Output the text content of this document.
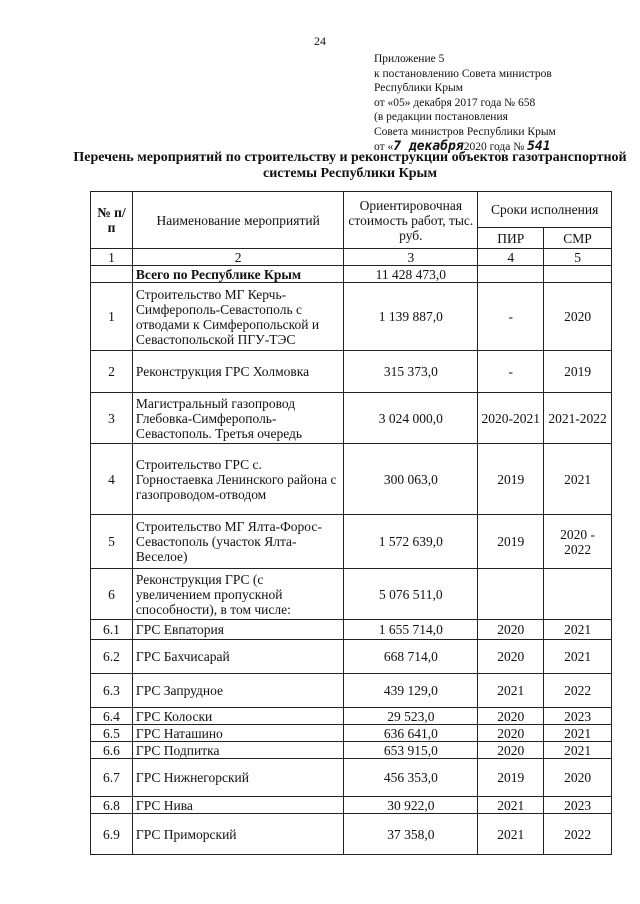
24
Приложение 5
к постановлению Совета министров
Республики Крым
от «05» декабря 2017 года № 658
(в редакции постановления
Совета министров Республики Крым
от «7 декабря2020 года № 541
Перечень мероприятий по строительству и реконструкции объектов газотранспортной системы Республики Крым
№ п/п	Наименование мероприятий	Ориентировочная стоимость работ, тыс. руб.	Сроки исполнения	
			ПИР	СМР
1	2	3	4	5
	Всего по Республике Крым	11 428 473,0		
1	Строительство МГ Керчь-Симферополь-Севастополь с отводами к Симферопольской и Севастопольской ПГУ-ТЭС	1 139 887,0	-	2020
2	Реконструкция ГРС Холмовка	315 373,0	-	2019
3	Магистральный газопровод Глебовка-Симферополь-Севастополь. Третья очередь	3 024 000,0	2020-2021	2021-2022
4	Строительство ГРС с. Горностаевка Ленинского района с газопроводом-отводом	300 063,0	2019	2021
5	Строительство МГ Ялта-Форос-Севастополь (участок Ялта-Веселое)	1 572 639,0	2019	2020 - 2022
6	Реконструкция ГРС (с увеличением пропускной способности), в том числе:	5 076 511,0		
6.1	ГРС Евпатория	1 655 714,0	2020	2021
6.2	ГРС Бахчисарай	668 714,0	2020	2021
6.3	ГРС Запрудное	439 129,0	2021	2022
6.4	ГРС Колоски	29 523,0	2020	2023
6.5	ГРС Наташино	636 641,0	2020	2021
6.6	ГРС Подпитка	653 915,0	2020	2021
6.7	ГРС Нижнегорский	456 353,0	2019	2020
6.8	ГРС Нива	30 922,0	2021	2023
6.9	ГРС Приморский	37 358,0	2021	2022
